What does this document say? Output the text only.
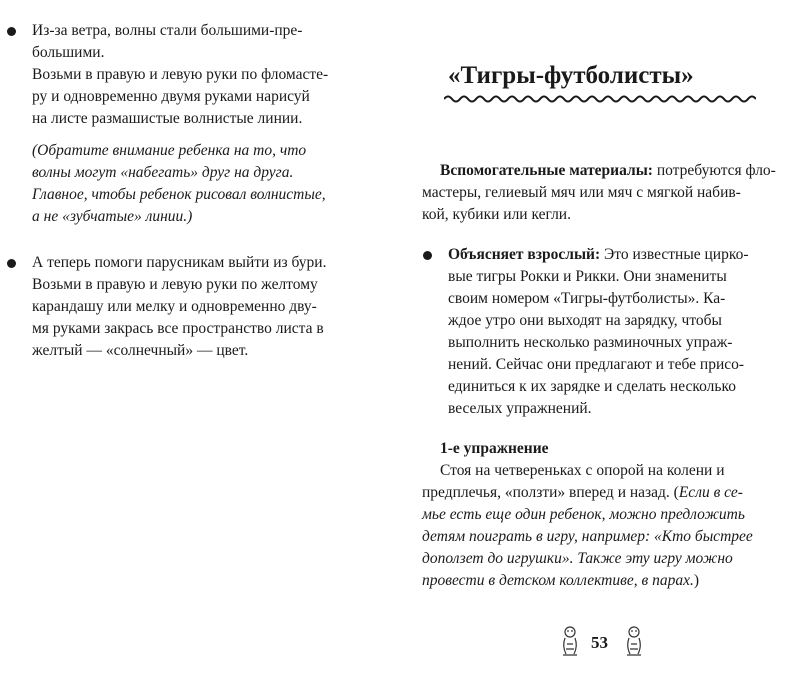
Из-за ветра, волны стали большими-пре-
большими.
Возьми в правую и левую руки по фломасте-
ру и одновременно двумя руками нарисуй
на листе размашистые волнистые линии.

(Обратите внимание ребенка на то, что
волны могут «набегать» друг на друга.
Главное, чтобы ребенок рисовал волнистые,
а не «зубчатые» линии.)

А теперь помоги парусникам выйти из бури.
Возьми в правую и левую руки по желтому
карандашу или мелку и одновременно дву-
мя руками закрась все пространство листа в
желтый — «солнечный» — цвет.

«Тигры-футболисты»

Вспомогательные материалы: потребуются фло-
мастеры, гелиевый мяч или мяч с мягкой набив-
кой, кубики или кегли.

Объясняет взрослый: Это известные цирко-
вые тигры Рокки и Рикки. Они знамениты
своим номером «Тигры-футболисты». Ка-
ждое утро они выходят на зарядку, чтобы
выполнить несколько разминочных упраж-
нений. Сейчас они предлагают и тебе присо-
единиться к их зарядке и сделать несколько
веселых упражнений.

1-е упражнение

Стоя на четвереньках с опорой на колени и
предплечья, «ползти» вперед и назад. (Если в се-
мье есть еще один ребенок, можно предложить
детям поиграть в игру, например: «Кто быстрее
доползет до игрушки». Также эту игру можно
провести в детском коллективе, в парах.)

53
